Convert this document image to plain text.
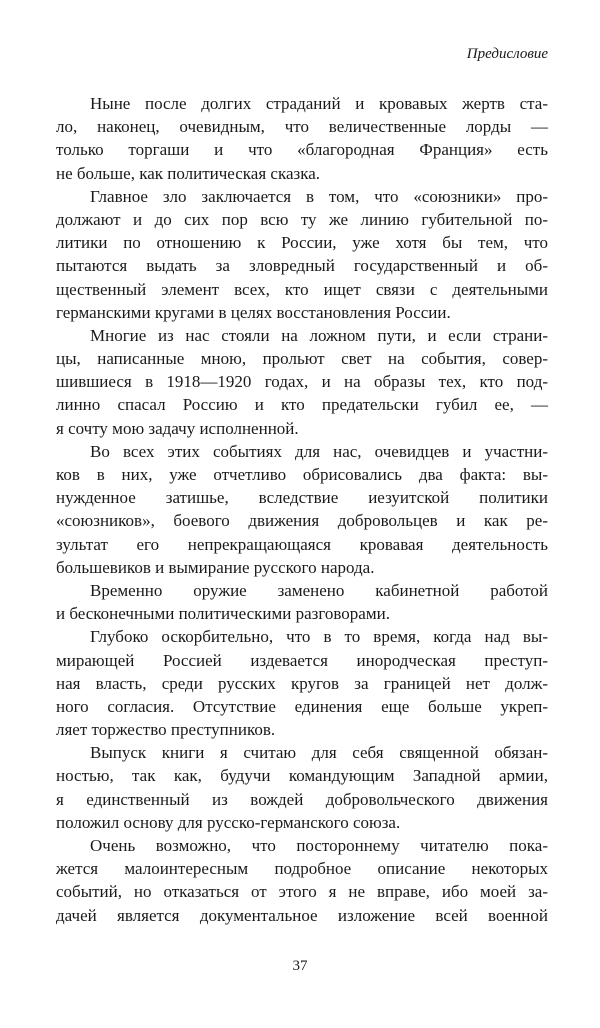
Предисловие
Ныне после долгих страданий и кровавых жертв ста-
ло, наконец, очевидным, что величественные лорды —
только торгаши и что «благородная Франция» есть
не больше, как политическая сказка.
Главное зло заключается в том, что «союзники» про-
должают и до сих пор всю ту же линию губительной по-
литики по отношению к России, уже хотя бы тем, что
пытаются выдать за зловредный государственный и об-
щественный элемент всех, кто ищет связи с деятельными
германскими кругами в целях восстановления России.
Многие из нас стояли на ложном пути, и если страни-
цы, написанные мною, прольют свет на события, совер-
шившиеся в 1918—1920 годах, и на образы тех, кто под-
линно спасал Россию и кто предательски губил ее, —
я сочту мою задачу исполненной.
Во всех этих событиях для нас, очевидцев и участни-
ков в них, уже отчетливо обрисовались два факта: вы-
нужденное затишье, вследствие иезуитской политики
«союзников», боевого движения добровольцев и как ре-
зультат его непрекращающаяся кровавая деятельность
большевиков и вымирание русского народа.
Временно оружие заменено кабинетной работой
и бесконечными политическими разговорами.
Глубоко оскорбительно, что в то время, когда над вы-
мирающей Россией издевается инородческая преступ-
ная власть, среди русских кругов за границей нет долж-
ного согласия. Отсутствие единения еще больше укреп-
ляет торжество преступников.
Выпуск книги я считаю для себя священной обязан-
ностью, так как, будучи командующим Западной армии,
я единственный из вождей добровольческого движения
положил основу для русско-германского союза.
Очень возможно, что постороннему читателю пока-
жется малоинтересным подробное описание некоторых
событий, но отказаться от этого я не вправе, ибо моей за-
дачей является документальное изложение всей военной
37
